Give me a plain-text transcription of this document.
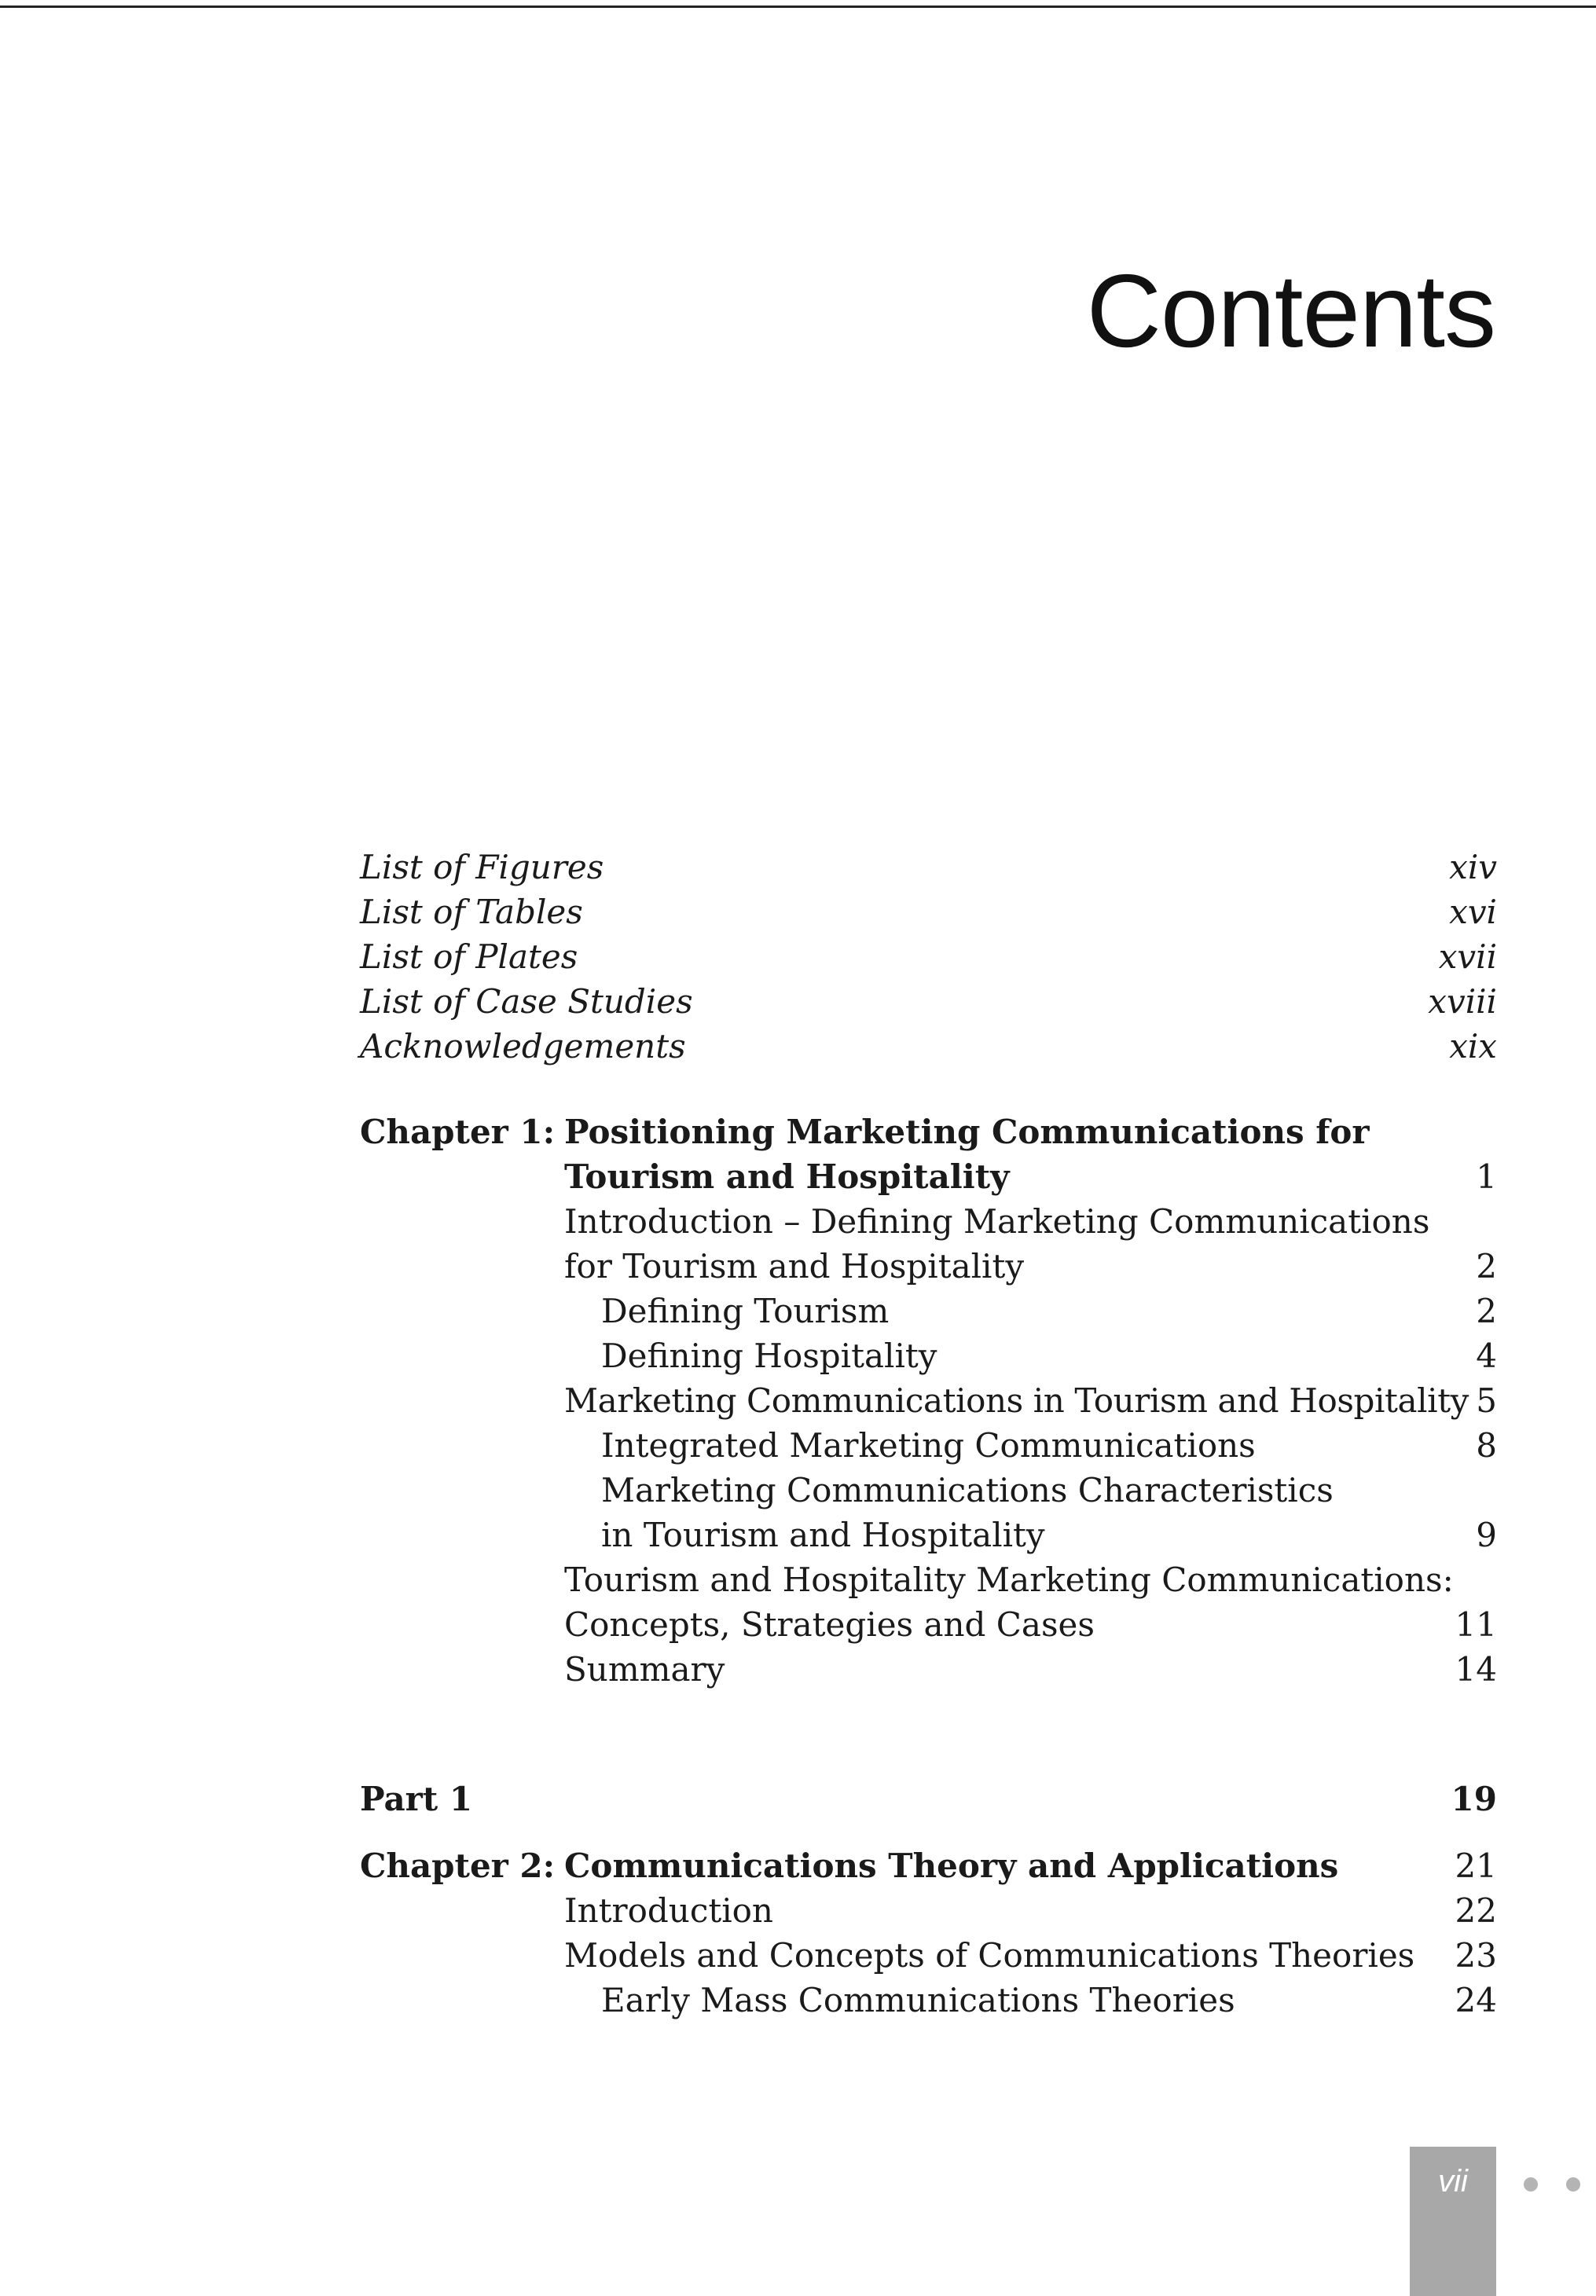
Contents
List of Figures	xiv
List of Tables	xvi
List of Plates	xvii
List of Case Studies	xviii
Acknowledgements	xix
Chapter 1: Positioning Marketing Communications for
Tourism and Hospitality	1
Introduction – Defining Marketing Communications
for Tourism and Hospitality	2
Defining Tourism	2
Defining Hospitality	4
Marketing Communications in Tourism and Hospitality 5
Integrated Marketing Communications	8
Marketing Communications Characteristics
in Tourism and Hospitality	9
Tourism and Hospitality Marketing Communications:
Concepts, Strategies and Cases	11
Summary	14
Part 1	19
Chapter 2: Communications Theory and Applications	21
Introduction	22
Models and Concepts of Communications Theories 23
Early Mass Communications Theories	24
vii
